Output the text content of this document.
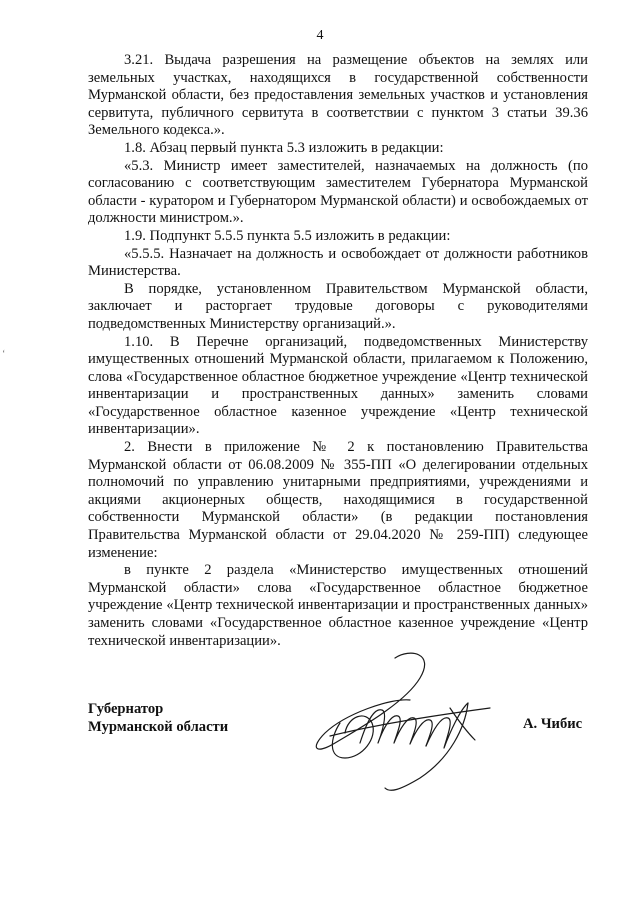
4

3.21. Выдача разрешения на размещение объектов на землях или земельных участках, находящихся в государственной собственности Мурманской области, без предоставления земельных участков и установления сервитута, публичного сервитута в соответствии с пунктом 3 статьи 39.36 Земельного кодекса.».

1.8. Абзац первый пункта 5.3 изложить в редакции:

«5.3. Министр имеет заместителей, назначаемых на должность (по согласованию с соответствующим заместителем Губернатора Мурманской области - куратором и Губернатором Мурманской области) и освобождаемых от должности министром.».

1.9. Подпункт 5.5.5 пункта 5.5 изложить в редакции:

«5.5.5. Назначает на должность и освобождает от должности работников Министерства.

В порядке, установленном Правительством Мурманской области, заключает и расторгает трудовые договоры с руководителями подведомственных Министерству организаций.».

1.10. В Перечне организаций, подведомственных Министерству имущественных отношений Мурманской области, прилагаемом к Положению, слова «Государственное областное бюджетное учреждение «Центр технической инвентаризации и пространственных данных» заменить словами «Государственное областное казенное учреждение «Центр технической инвентаризации».

2. Внести в приложение № 2 к постановлению Правительства Мурманской области от 06.08.2009 № 355-ПП «О делегировании отдельных полномочий по управлению унитарными предприятиями, учреждениями и акциями акционерных обществ, находящимися в государственной собственности Мурманской области» (в редакции постановления Правительства Мурманской области от 29.04.2020 № 259-ПП) следующее изменение:

в пункте 2 раздела «Министерство имущественных отношений Мурманской области» слова «Государственное областное бюджетное учреждение «Центр технической инвентаризации и пространственных данных» заменить словами «Государственное областное казенное учреждение «Центр технической инвентаризации».

ʻ
Губернатор
Мурманской области	А. Чибис
